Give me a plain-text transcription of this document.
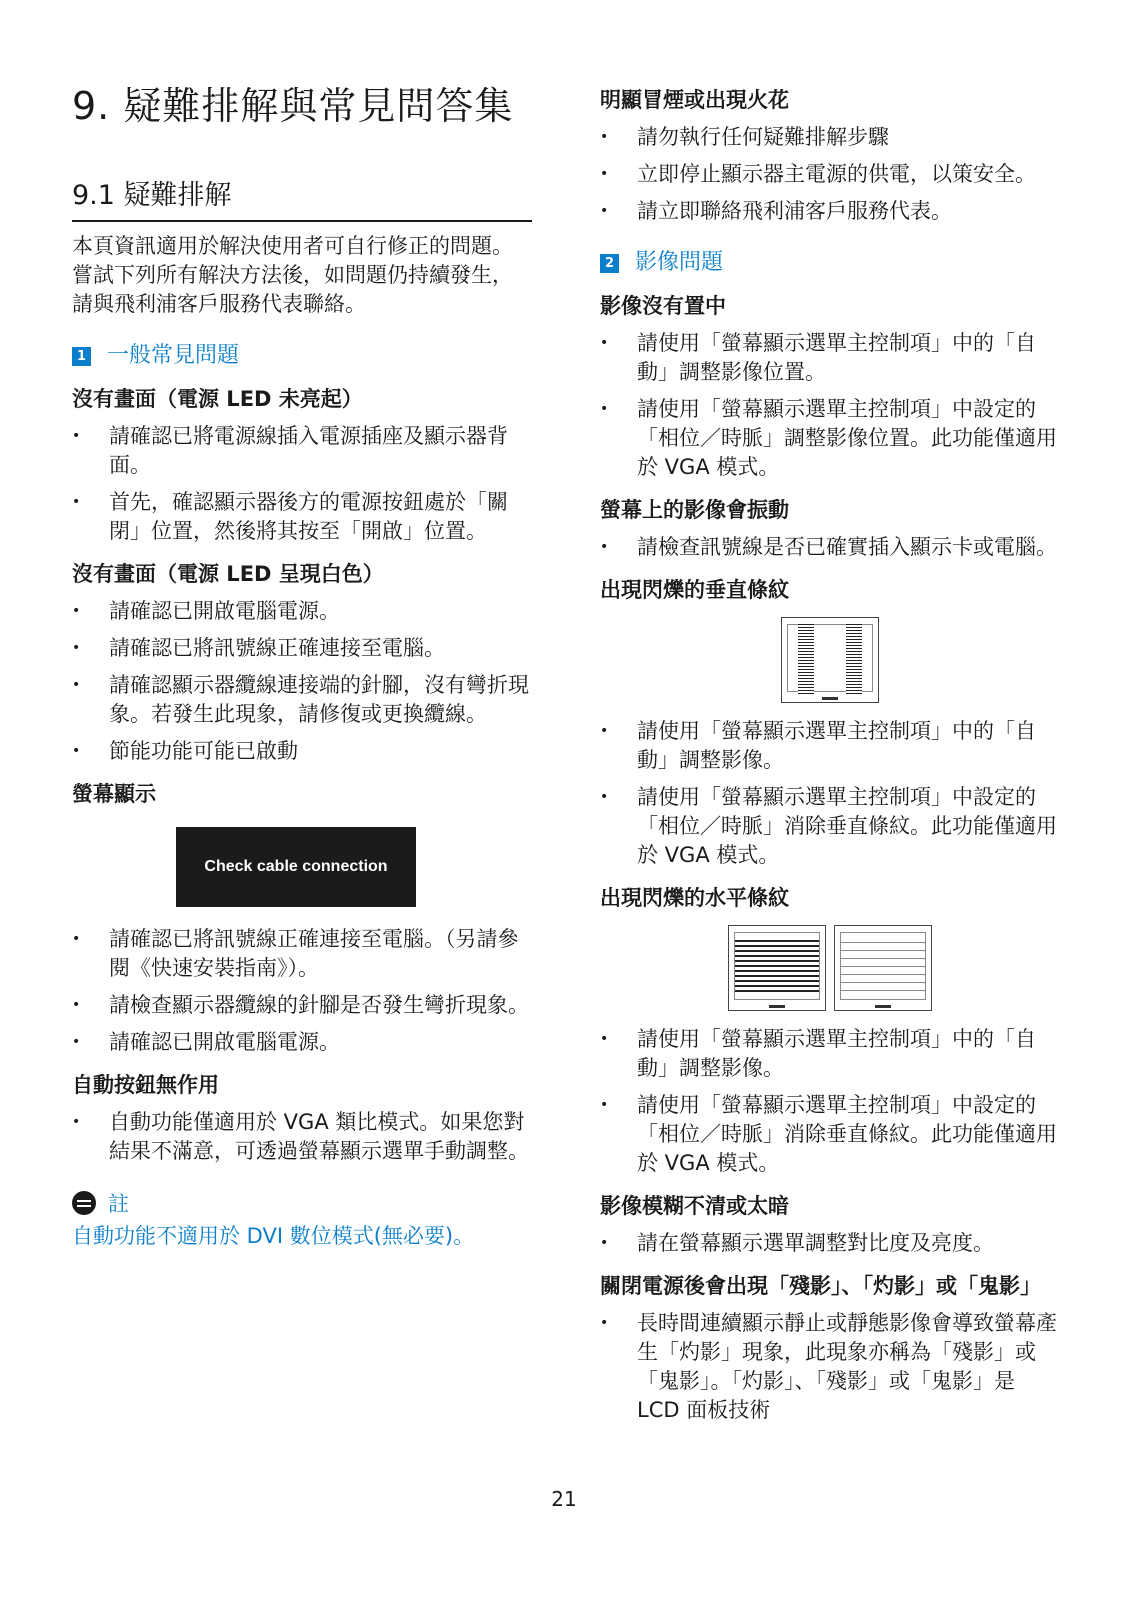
9. 疑難排解與常見問答集
9.1 疑難排解

本頁資訊適用於解決使用者可自行修正的問題。嘗試下列所有解決方法後，如問題仍持續發生，請與飛利浦客戶服務代表聯絡。

1 一般常見問題
沒有畫面（電源 LED 未亮起）
• 請確認已將電源線插入電源插座及顯示器背面。
• 首先，確認顯示器後方的電源按鈕處於「關閉」位置，然後將其按至「開啟」位置。
沒有畫面（電源 LED 呈現白色）
• 請確認已開啟電腦電源。
• 請確認已將訊號線正確連接至電腦。
• 請確認顯示器纜線連接端的針腳，沒有彎折現象。若發生此現象，請修復或更換纜線。
• 節能功能可能已啟動
螢幕顯示
Check cable connection
• 請確認已將訊號線正確連接至電腦。（另請參閱《快速安裝指南》）。
• 請檢查顯示器纜線的針腳是否發生彎折現象。
• 請確認已開啟電腦電源。
自動按鈕無作用
• 自動功能僅適用於 VGA 類比模式。如果您對結果不滿意，可透過螢幕顯示選單手動調整。
註

自動功能不適用於 DVI 數位模式(無必要)。

明顯冒煙或出現火花
• 請勿執行任何疑難排解步驟
• 立即停止顯示器主電源的供電，以策安全。
• 請立即聯絡飛利浦客戶服務代表。
2 影像問題
影像沒有置中
• 請使用「螢幕顯示選單主控制項」中的「自動」調整影像位置。
• 請使用「螢幕顯示選單主控制項」中設定的「相位／時脈」調整影像位置。此功能僅適用於 VGA 模式。
螢幕上的影像會振動
• 請檢查訊號線是否已確實插入顯示卡或電腦。
出現閃爍的垂直條紋
• 請使用「螢幕顯示選單主控制項」中的「自動」調整影像。
• 請使用「螢幕顯示選單主控制項」中設定的「相位／時脈」消除垂直條紋。此功能僅適用於 VGA 模式。
出現閃爍的水平條紋
• 請使用「螢幕顯示選單主控制項」中的「自動」調整影像。
• 請使用「螢幕顯示選單主控制項」中設定的「相位／時脈」消除垂直條紋。此功能僅適用於 VGA 模式。
影像模糊不清或太暗
• 請在螢幕顯示選單調整對比度及亮度。
關閉電源後會出現「殘影」、「灼影」或「鬼影」
• 長時間連續顯示靜止或靜態影像會導致螢幕產生「灼影」現象，此現象亦稱為「殘影」或「鬼影」。「灼影」、「殘影」或「鬼影」是 LCD 面板技術
21
